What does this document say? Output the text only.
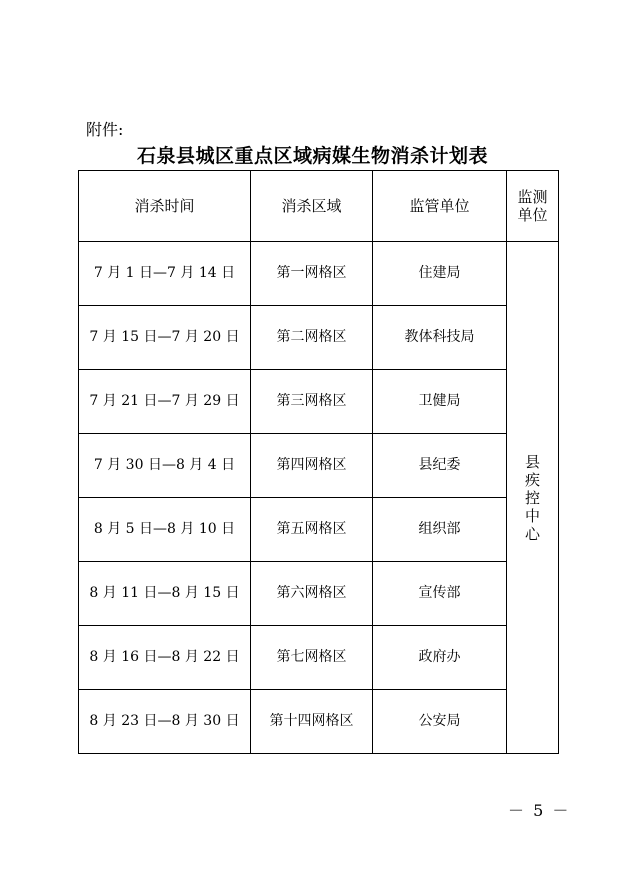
附件:
石泉县城区重点区域病媒生物消杀计划表
消杀时间	消杀区域	监管单位	监测
单位

7 月 1 日—7 月 14 日	第一网格区	住建局	县
疾
控
中
心

7 月 15 日—7 月 20 日	第二网格区	教体科技局	
7 月 21 日—7 月 29 日	第三网格区	卫健局	
7 月 30 日—8 月 4 日	第四网格区	县纪委	
8 月 5 日—8 月 10 日	第五网格区	组织部	
8 月 11 日—8 月 15 日	第六网格区	宣传部	
8 月 16 日—8 月 22 日	第七网格区	政府办	
8 月 23 日—8 月 30 日	第十四网格区	公安局	
－ 5 －
